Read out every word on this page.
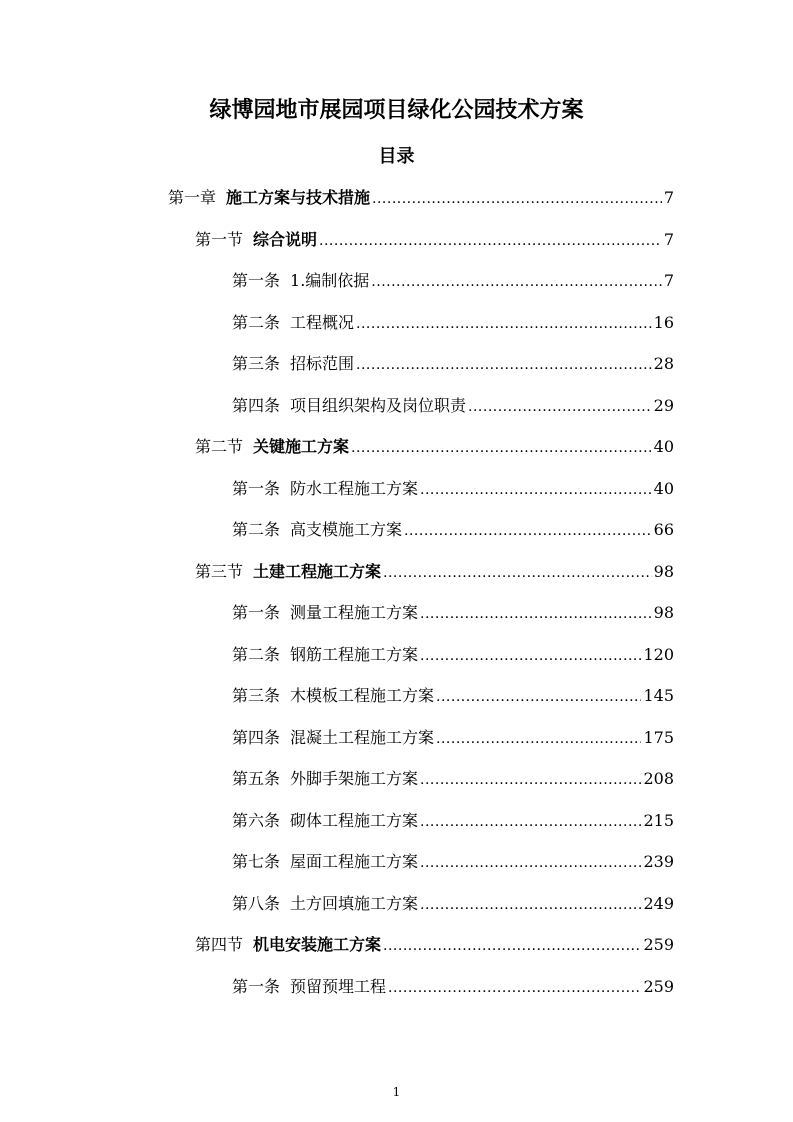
绿博园地市展园项目绿化公园技术方案
目录
第一章 施工方案与技术措施 .....	7
第一节 综合说明 .....	7
第一条 1.编制依据 .....	7
第二条 工程概况 .....	16
第三条 招标范围 .....	28
第四条 项目组织架构及岗位职责 .....	29
第二节 关键施工方案 .....	40
第一条 防水工程施工方案 .....	40
第二条 高支模施工方案 .....	66
第三节 土建工程施工方案 .....	98
第一条 测量工程施工方案 .....	98
第二条 钢筋工程施工方案 .....	120
第三条 木模板工程施工方案 .....	145
第四条 混凝土工程施工方案 .....	175
第五条 外脚手架施工方案 .....	208
第六条 砌体工程施工方案 .....	215
第七条 屋面工程施工方案 .....	239
第八条 土方回填施工方案 .....	249
第四节 机电安装施工方案 .....	259
第一条 预留预埋工程 .....	259
1
